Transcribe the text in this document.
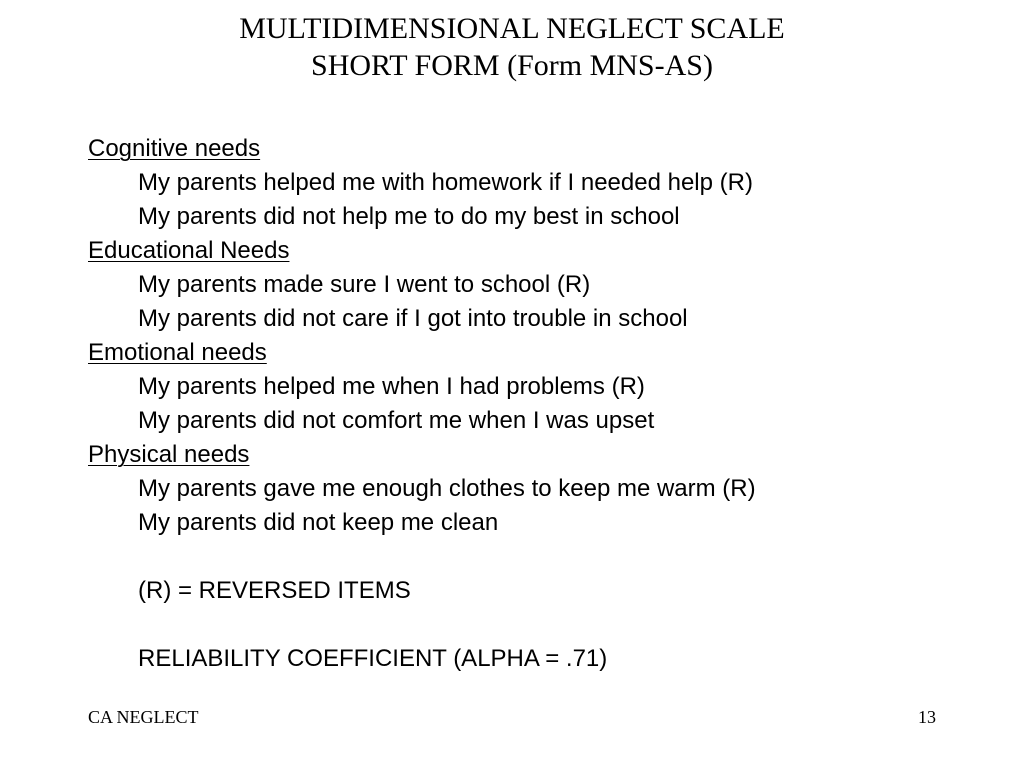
MULTIDIMENSIONAL NEGLECT SCALE
SHORT FORM (Form MNS-AS)
Cognitive needs
My parents helped me with homework if I needed help (R)
My parents did not help me to do my best in school
Educational Needs
My parents made sure I went to school (R)
My parents did not care if I got into trouble in school
Emotional needs
My parents helped me when I had problems (R)
My parents did not comfort me when I was upset
Physical needs
My parents gave me enough clothes to keep me warm (R)
My parents did not keep me clean
(R) = REVERSED ITEMS
RELIABILITY COEFFICIENT (ALPHA = .71)
CA NEGLECT	13
